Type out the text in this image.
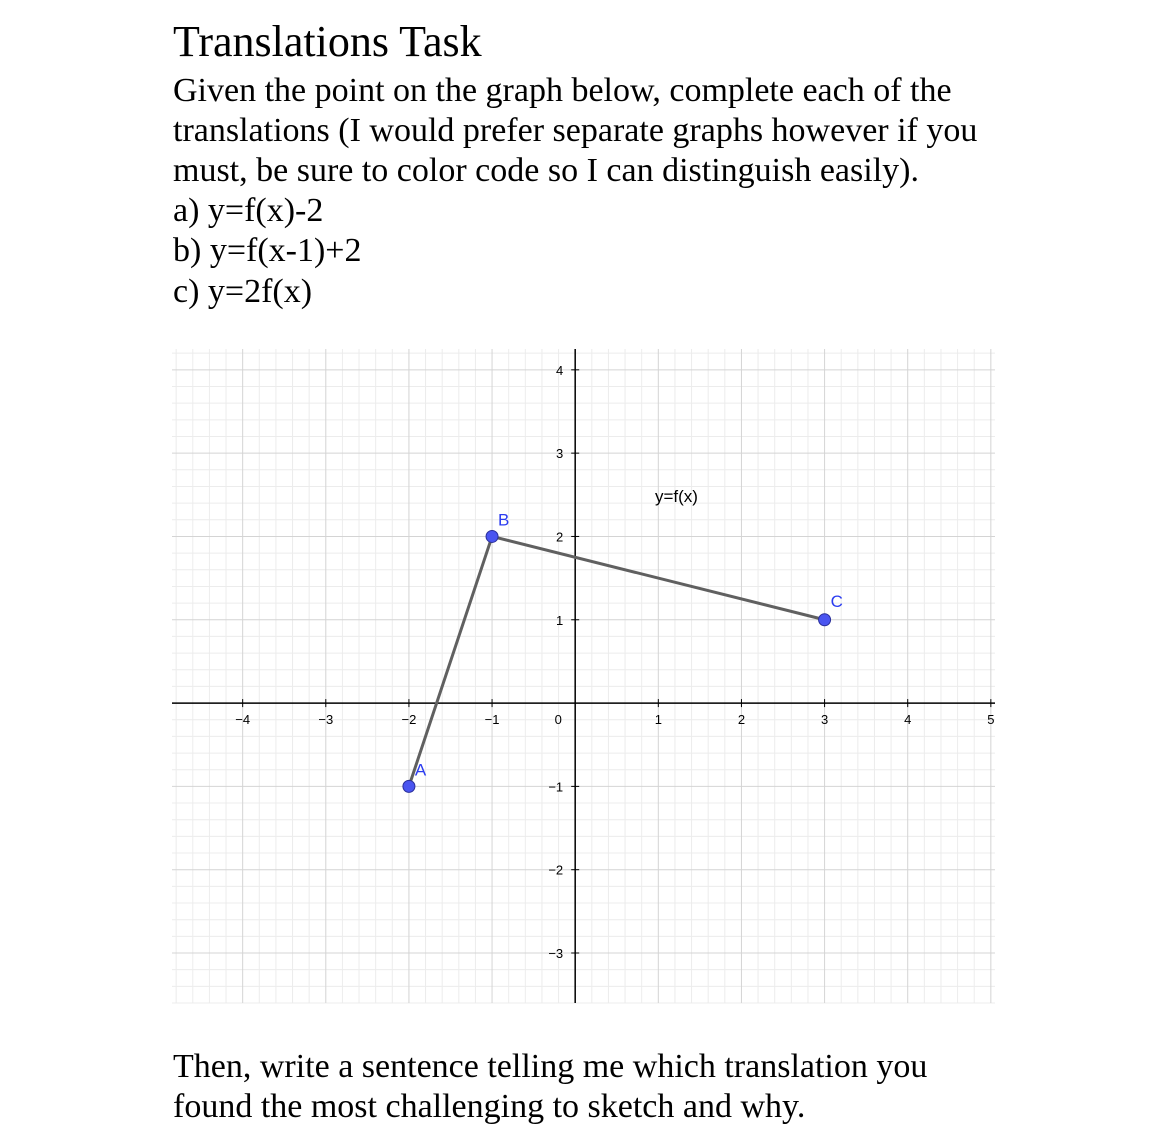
Translations Task

Given the point on the graph below, complete each of the

translations (I would prefer separate graphs however if you

must, be sure to color code so I can distinguish easily).

a) y=f(x)-2

b) y=f(x-1)+2

c) y=2f(x)

−4	−3	−2	−1	0	1	2	3	4	5
4
3
2
1
−1
−2
−3
A
B
C
y=f(x)

Then, write a sentence telling me which translation you

found the most challenging to sketch and why.
